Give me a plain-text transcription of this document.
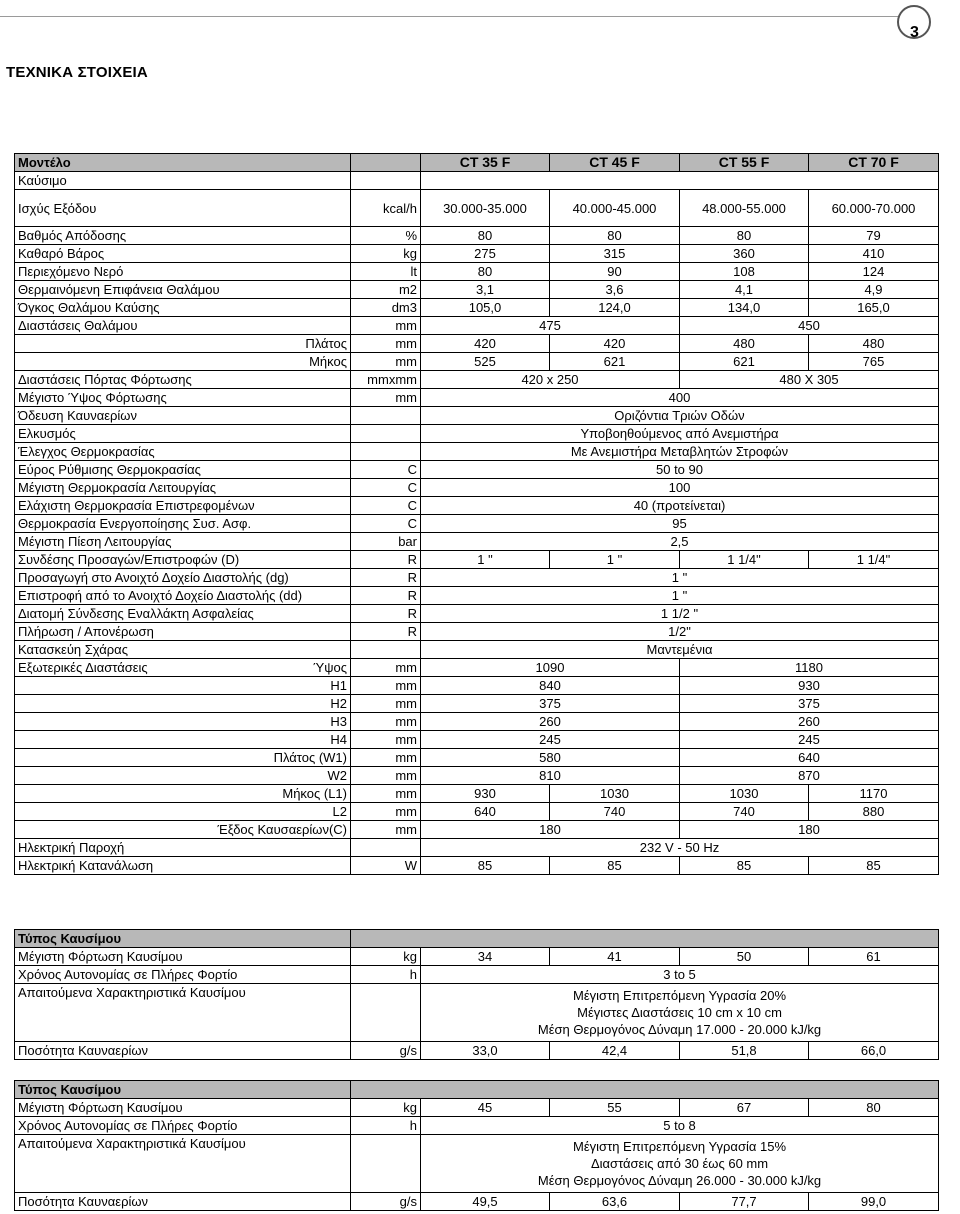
3
ΤΕΧΝΙΚΑ ΣΤΟΙΧΕΙΑ
Μοντέλο		CT 35 F	CT 45 F	CT 55 F	CT 70 F
Καύσιμο					
Ισχύς Εξόδου	kcal/h	30.000-35.000	40.000-45.000	48.000-55.000	60.000-70.000
Βαθμός Απόδοσης	%	80	80	80	79
Καθαρό Βάρος	kg	275	315	360	410
Περιεχόμενο Νερό	lt	80	90	108	124
Θερμαινόμενη Επιφάνεια Θαλάμου	m2	3,1	3,6	4,1	4,9
Όγκος Θαλάμου Καύσης	dm3	105,0	124,0	134,0	165,0
Διαστάσεις Θαλάμου	mm	475		450	
Πλάτος	mm	420	420	480	480
Μήκος	mm	525	621	621	765
Διαστάσεις Πόρτας Φόρτωσης	mmxmm	420 x 250		480 X 305	
Μέγιστο Ύψος Φόρτωσης	mm	400			
Όδευση Καυναερίων		Οριζόντια Τριών Οδών			
Ελκυσμός		Υποβοηθούμενος από Ανεμιστήρα			
Έλεγχος Θερμοκρασίας		Με Ανεμιστήρα Μεταβλητών Στροφών			
Εύρος Ρύθμισης Θερμοκρασίας	C	50 to 90			
Μέγιστη Θερμοκρασία Λειτουργίας	C	100			
Ελάχιστη Θερμοκρασία Επιστρεφομένων	C	40 (προτείνεται)			
Θερμοκρασία Ενεργοποίησης Συσ. Ασφ.	C	95			
Μέγιστη Πίεση Λειτουργίας	bar	2,5			
Συνδέσης Προσαγών/Επιστροφών (D)	R	1 "	1 "	1 1/4"	1 1/4"
Προσαγωγή στο Ανοιχτό Δοχείο Διαστολής (dg)	R	1 "			
Επιστροφή από το Ανοιχτό Δοχείο Διαστολής (dd)	R	1 "			
Διατομή Σύνδεσης Εναλλάκτη Ασφαλείας	R	1 1/2 "			
Πλήρωση / Απονέρωση	R	1/2"			
Κατασκεύη Σχάρας		Μαντεμένια			
Εξωτερικές Διαστάσεις Ύψος	mm	1090		1180	
H1	mm	840		930	
H2	mm	375		375	
H3	mm	260		260	
H4	mm	245		245	
Πλάτος (W1)	mm	580		640	
W2	mm	810		870	
Μήκος (L1)	mm	930	1030	1030	1170
L2	mm	640	740	740	880
Έξδος Καυσαερίων(C)	mm	180		180	
Ηλεκτρική Παροχή		232 V - 50 Hz			
Ηλεκτρική Κατανάλωση	W	85	85	85	85
Τύπος Καυσίμου					
Μέγιστη Φόρτωση Καυσίμου	kg	34	41	50	61
Χρόνος Αυτονομίας σε Πλήρες Φορτίο	h	3 to 5			
Απαιτούμενα Χαρακτηριστικά Καυσίμου		Μέγιστη Επιτρεπόμενη Υγρασία 20%
Μέγιστες Διαστάσεις 10 cm x 10 cm
Μέση Θερμογόνος Δύναμη 17.000 - 20.000 kJ/kg			

Ποσότητα Καυναερίων	g/s	33,0	42,4	51,8	66,0
Τύπος Καυσίμου					
Μέγιστη Φόρτωση Καυσίμου	kg	45	55	67	80
Χρόνος Αυτονομίας σε Πλήρες Φορτίο	h	5 to 8			
Απαιτούμενα Χαρακτηριστικά Καυσίμου		Μέγιστη Επιτρεπόμενη Υγρασία 15%
Διαστάσεις από 30 έως 60 mm
Μέση Θερμογόνος Δύναμη 26.000 - 30.000 kJ/kg			

Ποσότητα Καυναερίων	g/s	49,5	63,6	77,7	99,0
